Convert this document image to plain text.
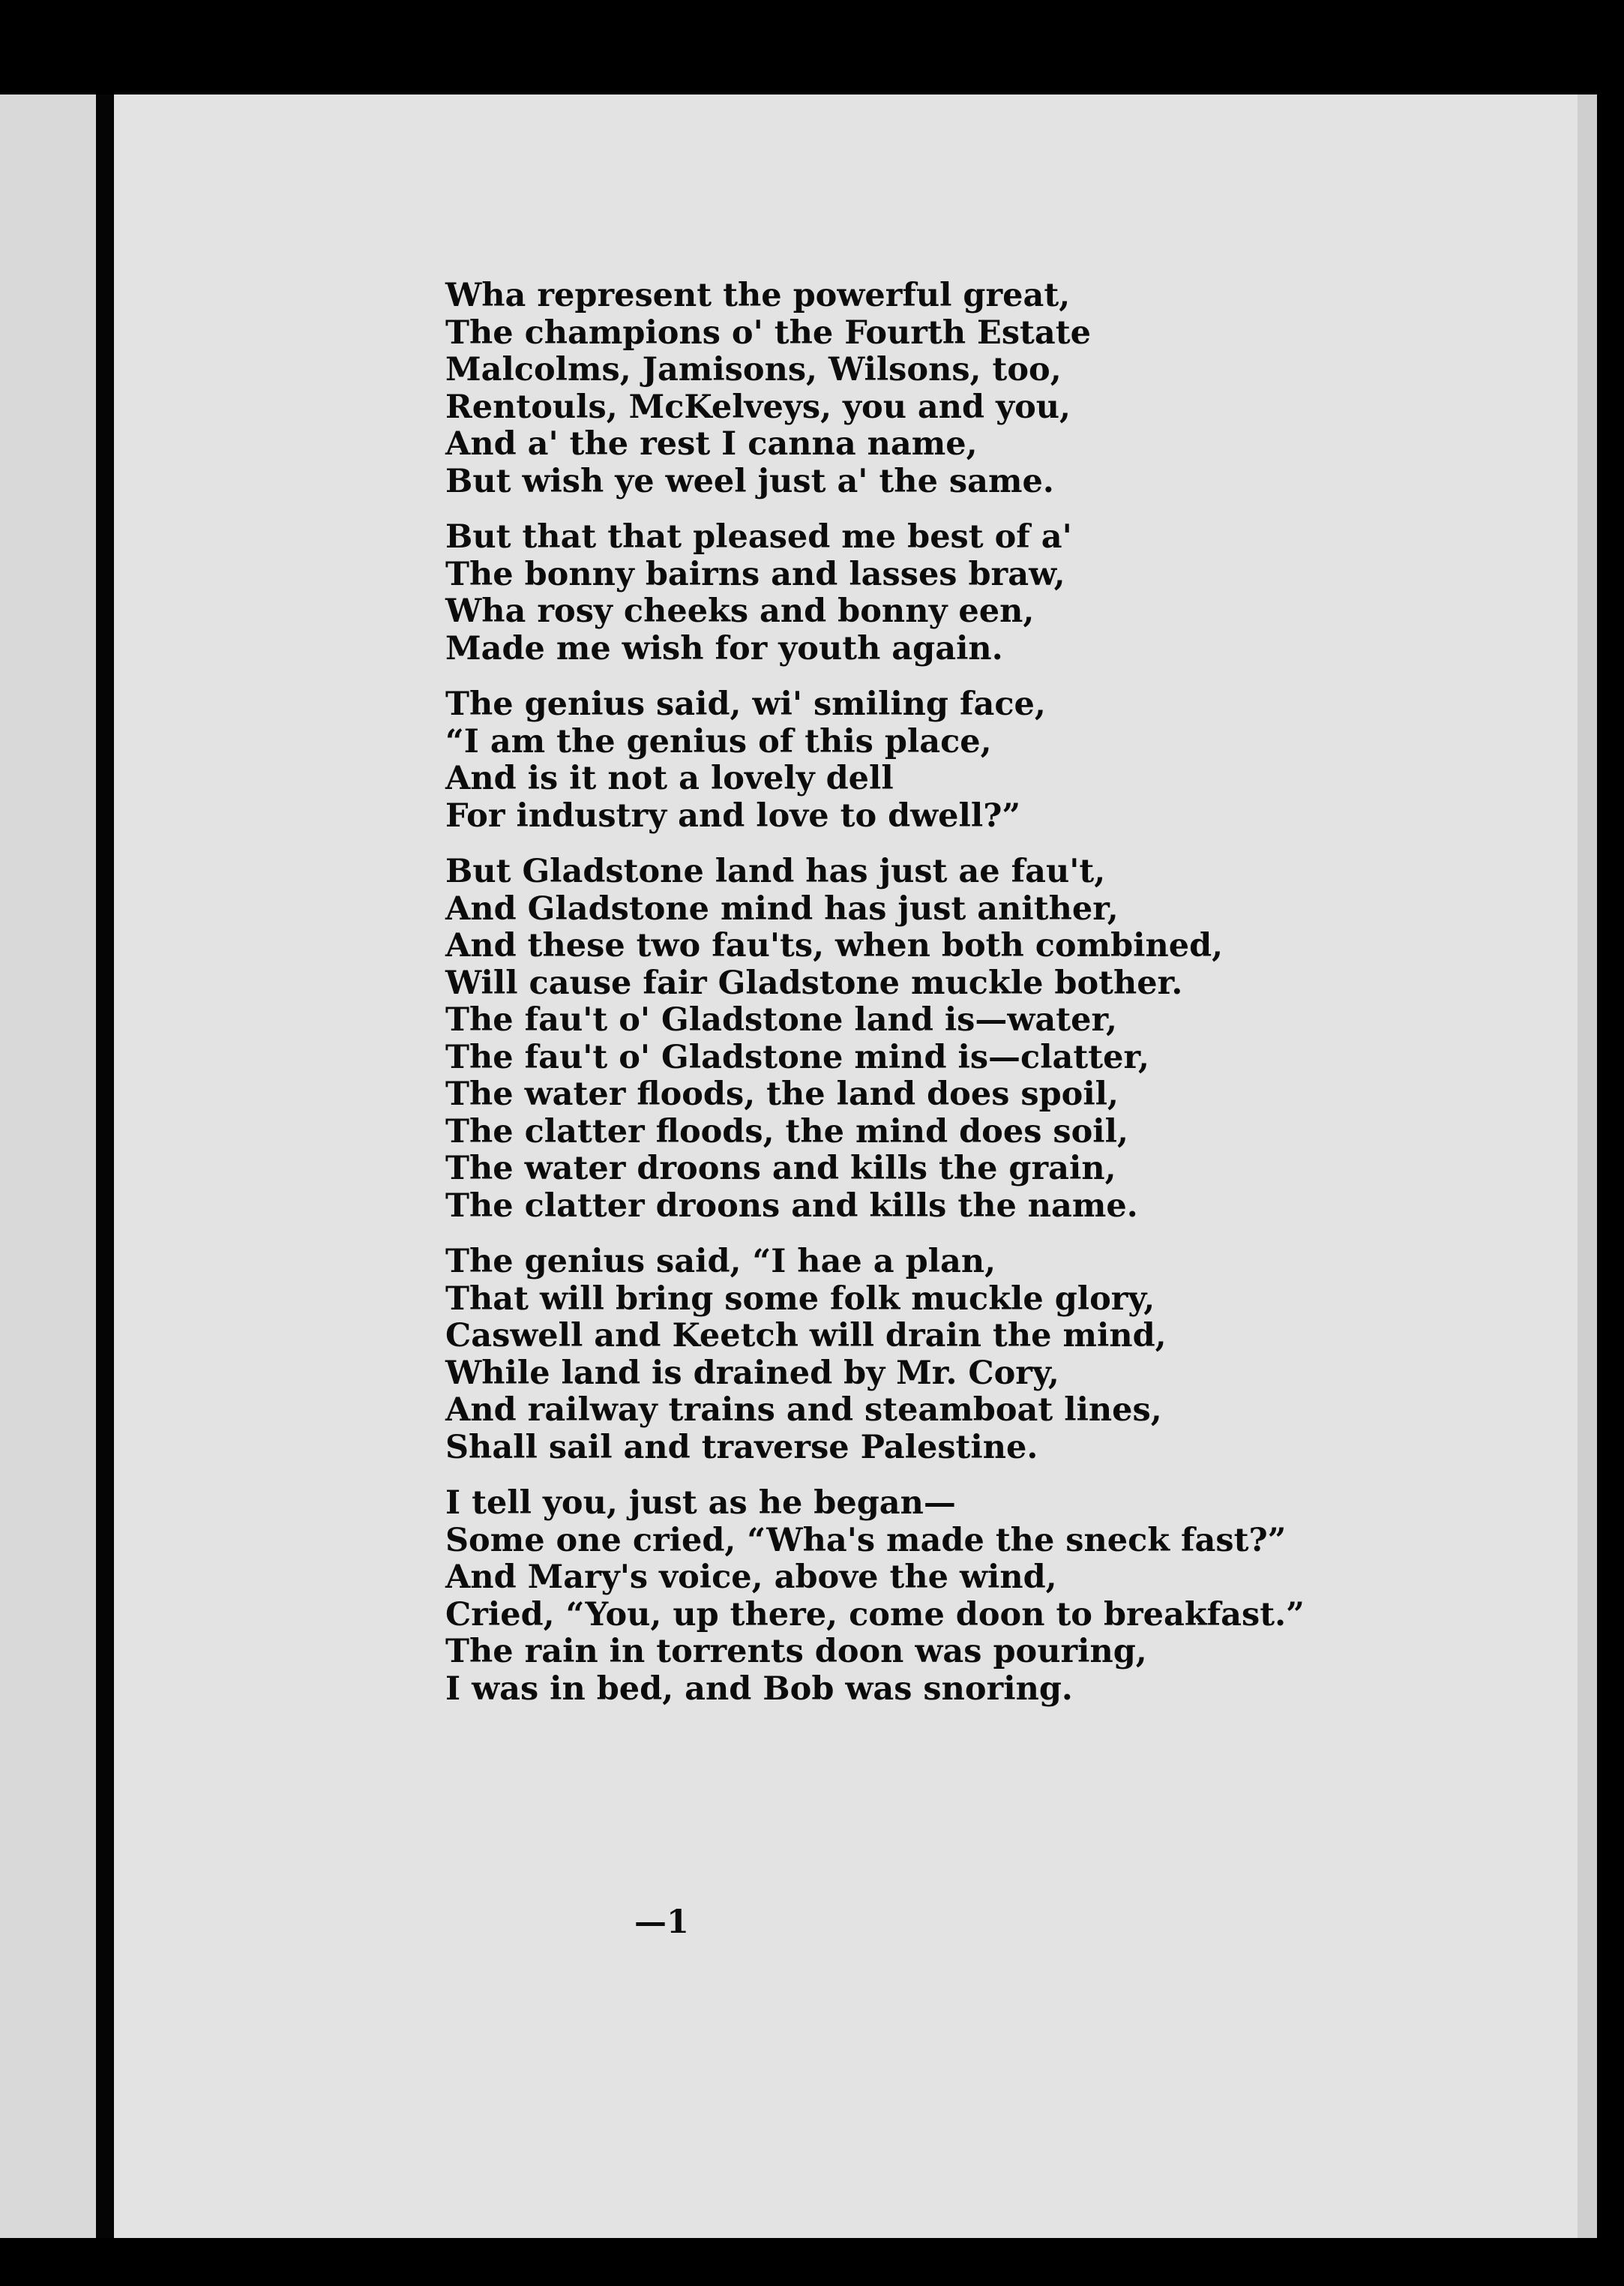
Wha represent the powerful great,
The champions o' the Fourth Estate
Malcolms, Jamisons, Wilsons, too,
Rentouls, McKelveys, you and you,
And a' the rest I canna name,
But wish ye weel just a' the same.
But that that pleased me best of a'
The bonny bairns and lasses braw,
Wha rosy cheeks and bonny een,
Made me wish for youth again.
The genius said, wi' smiling face,
“I am the genius of this place,
And is it not a lovely dell
For industry and love to dwell?”
But Gladstone land has just ae fau't,
And Gladstone mind has just anither,
And these two fau'ts, when both combined,
Will cause fair Gladstone muckle bother.
The fau't o' Gladstone land is—water,
The fau't o' Gladstone mind is—clatter,
The water floods, the land does spoil,
The clatter floods, the mind does soil,
The water droons and kills the grain,
The clatter droons and kills the name.
The genius said, “I hae a plan,
That will bring some folk muckle glory,
Caswell and Keetch will drain the mind,
While land is drained by Mr. Cory,
And railway trains and steamboat lines,
Shall sail and traverse Palestine.
I tell you, just as he began—
Some one cried, “Wha's made the sneck fast?”
And Mary's voice, above the wind,
Cried, “You, up there, come doon to breakfast.”
The rain in torrents doon was pouring,
I was in bed, and Bob was snoring.
—1
